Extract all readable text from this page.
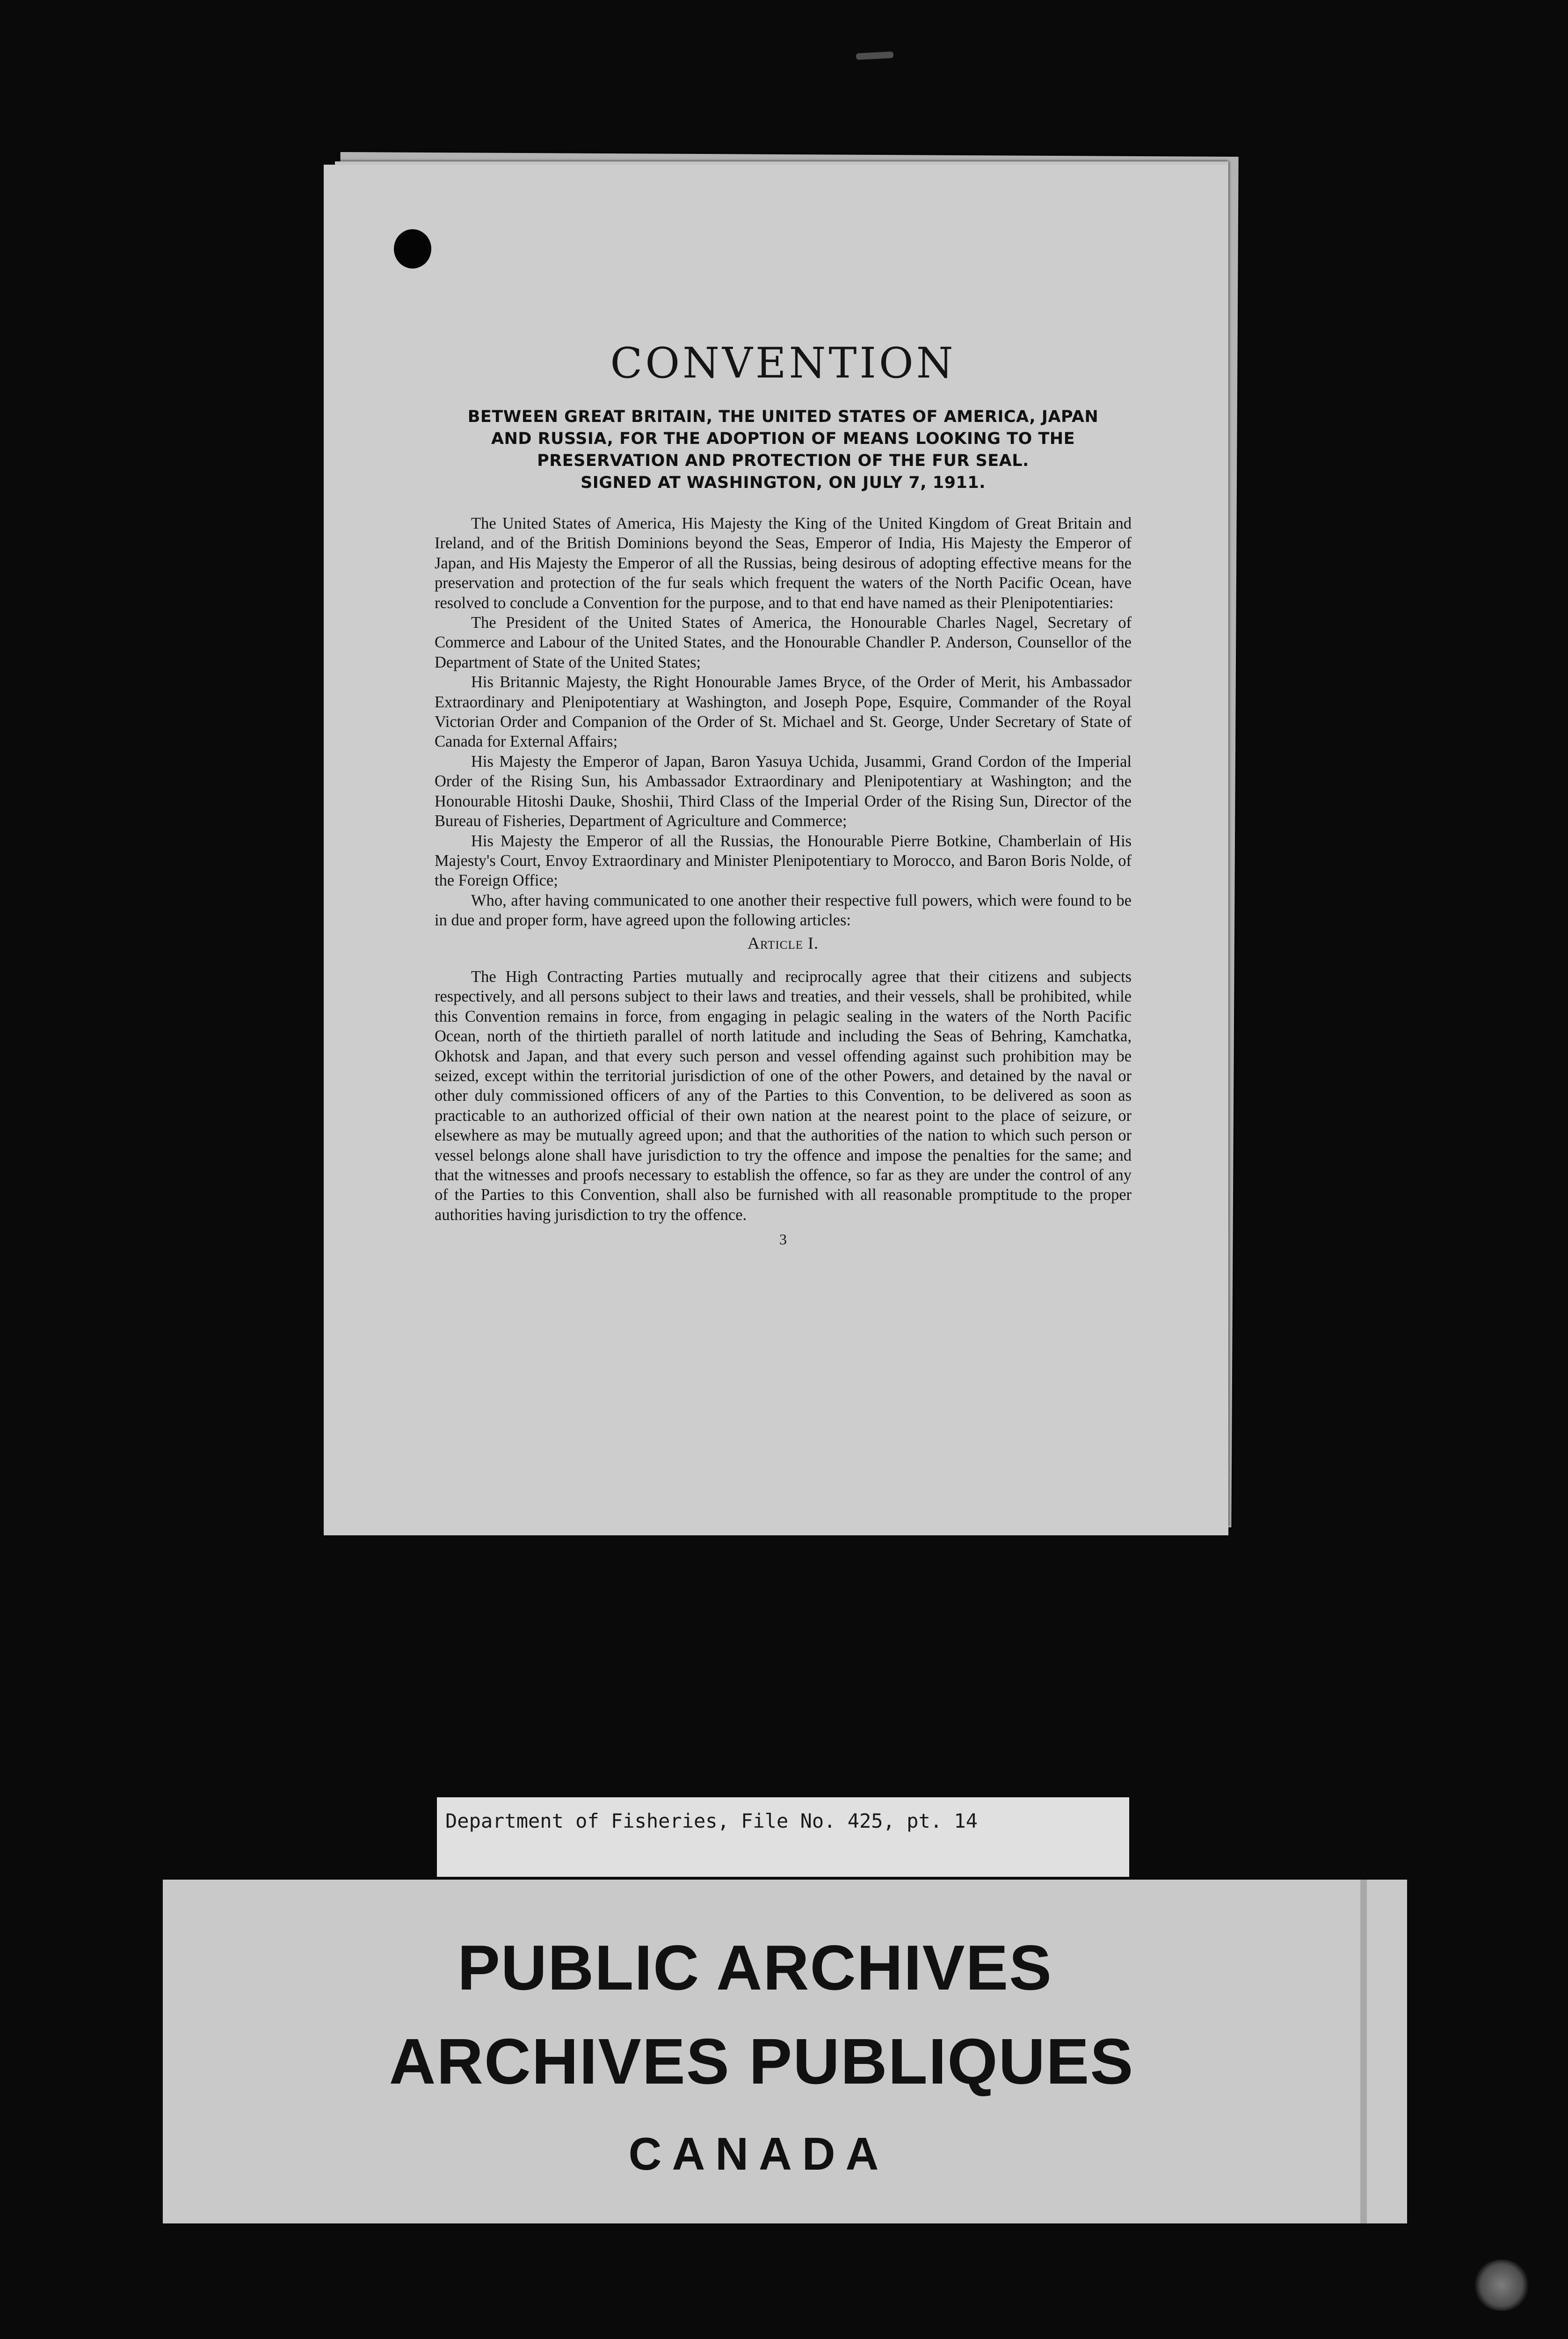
CONVENTION
BETWEEN GREAT BRITAIN, THE UNITED STATES OF AMERICA, JAPAN
AND RUSSIA, FOR THE ADOPTION OF MEANS LOOKING TO THE
PRESERVATION AND PROTECTION OF THE FUR SEAL.
SIGNED AT WASHINGTON, ON JULY 7, 1911.

The United States of America, His Majesty the King of the United Kingdom of Great Britain and Ireland, and of the British Dominions beyond the Seas, Emperor of India, His Majesty the Emperor of Japan, and His Majesty the Emperor of all the Russias, being desirous of adopting effective means for the preservation and protection of the fur seals which frequent the waters of the North Pacific Ocean, have resolved to conclude a Convention for the purpose, and to that end have named as their Plenipotentiaries:

The President of the United States of America, the Honourable Charles Nagel, Secretary of Commerce and Labour of the United States, and the Honourable Chandler P. Anderson, Counsellor of the Department of State of the United States;

His Britannic Majesty, the Right Honourable James Bryce, of the Order of Merit, his Ambassador Extraordinary and Plenipotentiary at Washington, and Joseph Pope, Esquire, Commander of the Royal Victorian Order and Companion of the Order of St. Michael and St. George, Under Secretary of State of Canada for External Affairs;

His Majesty the Emperor of Japan, Baron Yasuya Uchida, Jusammi, Grand Cordon of the Imperial Order of the Rising Sun, his Ambassador Extraordinary and Plenipotentiary at Washington; and the Honourable Hitoshi Dauke, Shoshii, Third Class of the Imperial Order of the Rising Sun, Director of the Bureau of Fisheries, Department of Agriculture and Commerce;

His Majesty the Emperor of all the Russias, the Honourable Pierre Botkine, Chamberlain of His Majesty's Court, Envoy Extraordinary and Minister Plenipotentiary to Morocco, and Baron Boris Nolde, of the Foreign Office;

Who, after having communicated to one another their respective full powers, which were found to be in due and proper form, have agreed upon the following articles:

Article I.

The High Contracting Parties mutually and reciprocally agree that their citizens and subjects respectively, and all persons subject to their laws and treaties, and their vessels, shall be prohibited, while this Convention remains in force, from engaging in pelagic sealing in the waters of the North Pacific Ocean, north of the thirtieth parallel of north latitude and including the Seas of Behring, Kamchatka, Okhotsk and Japan, and that every such person and vessel offending against such prohibition may be seized, except within the territorial jurisdiction of one of the other Powers, and detained by the naval or other duly commissioned officers of any of the Parties to this Convention, to be delivered as soon as practicable to an authorized official of their own nation at the nearest point to the place of seizure, or elsewhere as may be mutually agreed upon; and that the authorities of the nation to which such person or vessel belongs alone shall have jurisdiction to try the offence and impose the penalties for the same; and that the witnesses and proofs necessary to establish the offence, so far as they are under the control of any of the Parties to this Convention, shall also be furnished with all reasonable promptitude to the proper authorities having jurisdiction to try the offence.

3
Department of Fisheries, File No. 425, pt. 14
PUBLIC ARCHIVES
ARCHIVES PUBLIQUES
CANADA
